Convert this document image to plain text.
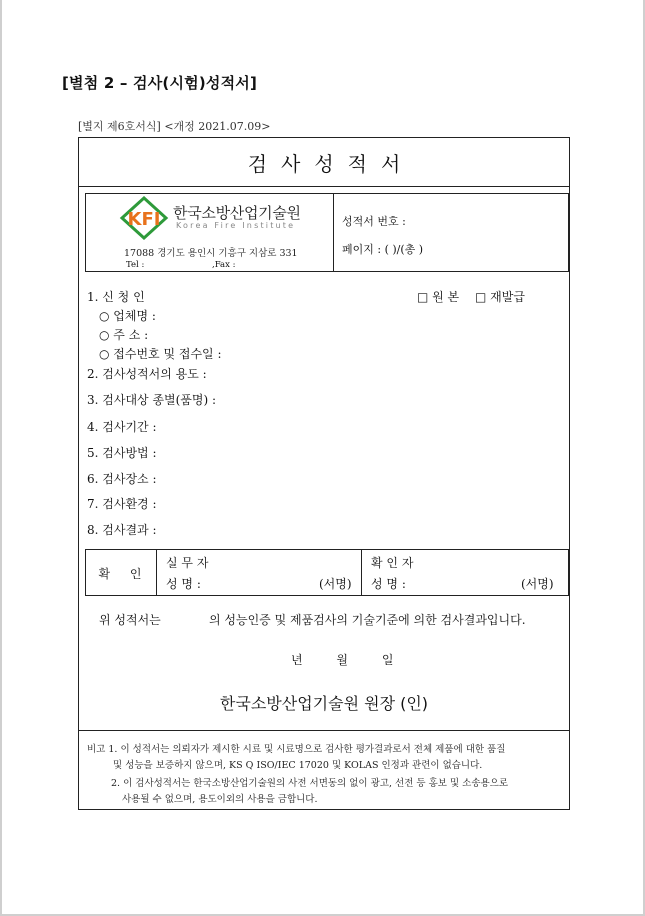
[별첨 2 – 검사(시험)성적서]
[별지 제6호서식] <개정 2021.07.09>
검사성적서
KFI 한국소방산업기술원
Korea Fire Institute
17088 경기도 용인시 기흥구 지삼로 331
Tel :	,Fax :
성적서 번호 :
페이지 : ( )/(총 )
1. 신 청 인	□ 원 본 □ 재발급
○ 업체명 :
○ 주 소 :
○ 접수번호 및 접수일 :
2. 검사성적서의 용도 :
3. 검사대상 종별(품명) :
4. 검사기간 :
5. 검사방법 :
6. 검사장소 :
7. 검사환경 :
8. 검사결과 :
확 인
실 무 자
성 명 :	(서명)
확 인 자
성 명 :	(서명)
위 성적서는	의 성능인증 및 제품검사의 기술기준에 의한 검사결과입니다.
년	월	일
한국소방산업기술원 원장 (인)
비고 1. 이 성적서는 의뢰자가 제시한 시료 및 시료명으로 검사한 평가결과로서 전체 제품에 대한 품질
및 성능을 보증하지 않으며, KS Q ISO/IEC 17020 및 KOLAS 인정과 관련이 없습니다.
2. 이 검사성적서는 한국소방산업기술원의 사전 서면동의 없이 광고, 선전 등 홍보 및 소송용으로
사용될 수 없으며, 용도이외의 사용을 금합니다.
